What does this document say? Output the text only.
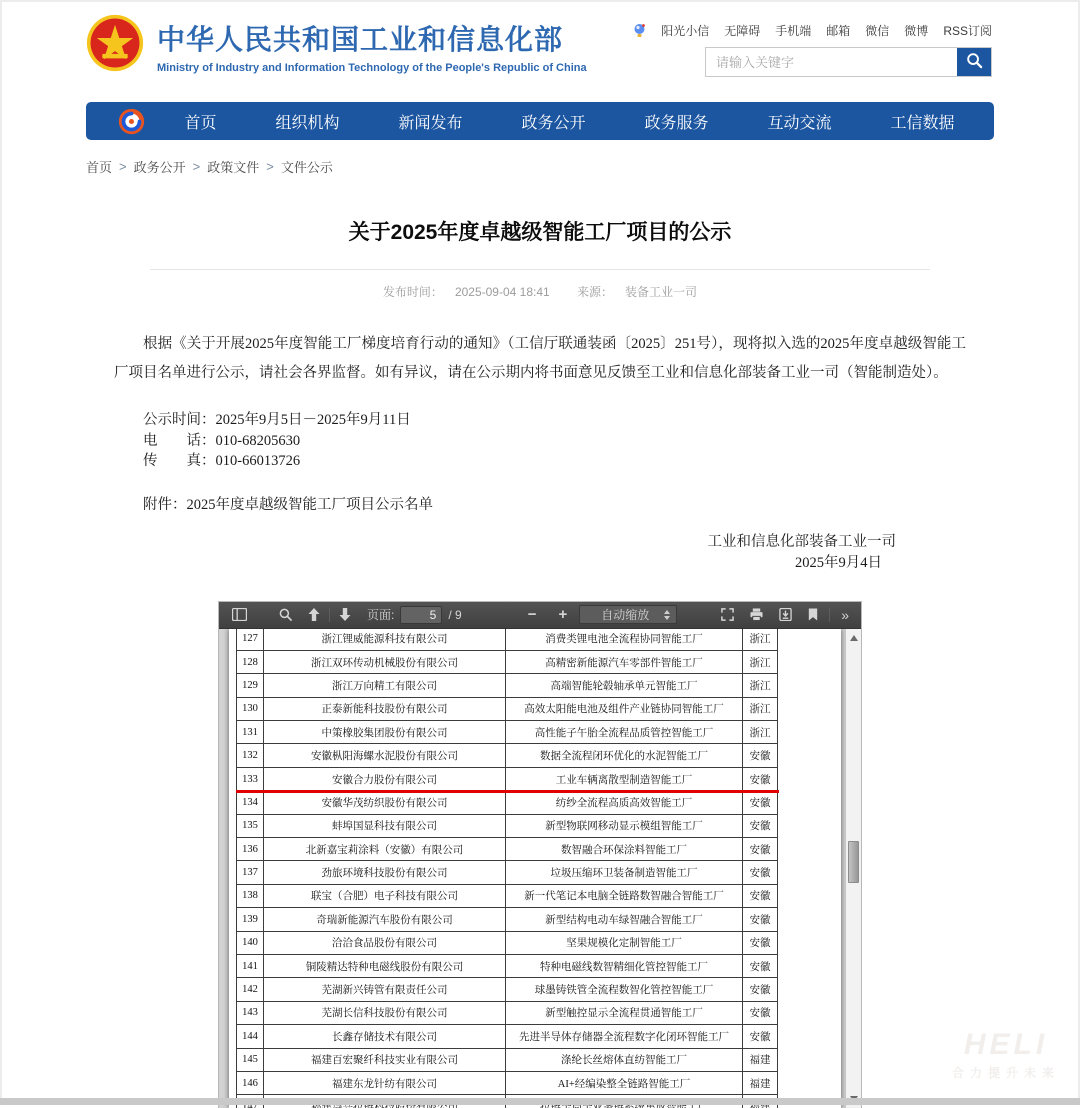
中华人民共和国工业和信息化部
Ministry of Industry and Information Technology of the People's Republic of China
阳光小信 无障碍 手机端 邮箱 微信 微博 RSS订阅
请输入关键字
首页	组织机构	新闻发布	政务公开	政务服务	互动交流	工信数据
首页 > 政务公开 > 政策文件 > 文件公示
关于2025年度卓越级智能工厂项目的公示
发布时间： 2025-09-04 18:41 来源： 装备工业一司
根据《关于开展2025年度智能工厂梯度培育行动的通知》（工信厅联通装函〔2025〕251号），现将拟入选的2025年度卓越级智能工厂项目名单进行公示，请社会各界监督。如有异议，请在公示期内将书面意见反馈至工业和信息化部装备工业一司（智能制造处）。
公示时间：2025年9月5日－2025年9月11日
电　　话：010-68205630
传　　真：010-66013726
附件：2025年度卓越级智能工厂项目公示名单
工业和信息化部装备工业一司
2025年9月4日
页面:
5	/ 9	− +	自动缩放	»
127	浙江锂威能源科技有限公司	消费类锂电池全流程协同智能工厂	浙江
128	浙江双环传动机械股份有限公司	高精密新能源汽车零部件智能工厂	浙江
129	浙江万向精工有限公司	高端智能轮毂轴承单元智能工厂	浙江
130	正泰新能科技股份有限公司	高效太阳能电池及组件产业链协同智能工厂	浙江
131	中策橡胶集团股份有限公司	高性能子午胎全流程品质管控智能工厂	浙江
132	安徽枞阳海螺水泥股份有限公司	数据全流程闭环优化的水泥智能工厂	安徽
133	安徽合力股份有限公司	工业车辆离散型制造智能工厂	安徽
134	安徽华茂纺织股份有限公司	纺纱全流程高质高效智能工厂	安徽
135	蚌埠国显科技有限公司	新型物联网移动显示模组智能工厂	安徽
136	北新嘉宝莉涂料（安徽）有限公司	数智融合环保涂料智能工厂	安徽
137	劲旅环境科技股份有限公司	垃圾压缩环卫装备制造智能工厂	安徽
138	联宝（合肥）电子科技有限公司	新一代笔记本电脑全链路数智融合智能工厂	安徽
139	奇瑞新能源汽车股份有限公司	新型结构电动车绿智融合智能工厂	安徽
140	洽洽食品股份有限公司	坚果规模化定制智能工厂	安徽
141	铜陵精达特种电磁线股份有限公司	特种电磁线数智精细化管控智能工厂	安徽
142	芜湖新兴铸管有限责任公司	球墨铸铁管全流程数智化管控智能工厂	安徽
143	芜湖长信科技股份有限公司	新型触控显示全流程贯通智能工厂	安徽
144	长鑫存储技术有限公司	先进半导体存储器全流程数字化闭环智能工厂	安徽
145	福建百宏聚纤科技实业有限公司	涤纶长丝熔体直纺智能工厂	福建
146	福建东龙针纺有限公司	AI+经编染整全链路智能工厂	福建
HELI
合力提升未来
